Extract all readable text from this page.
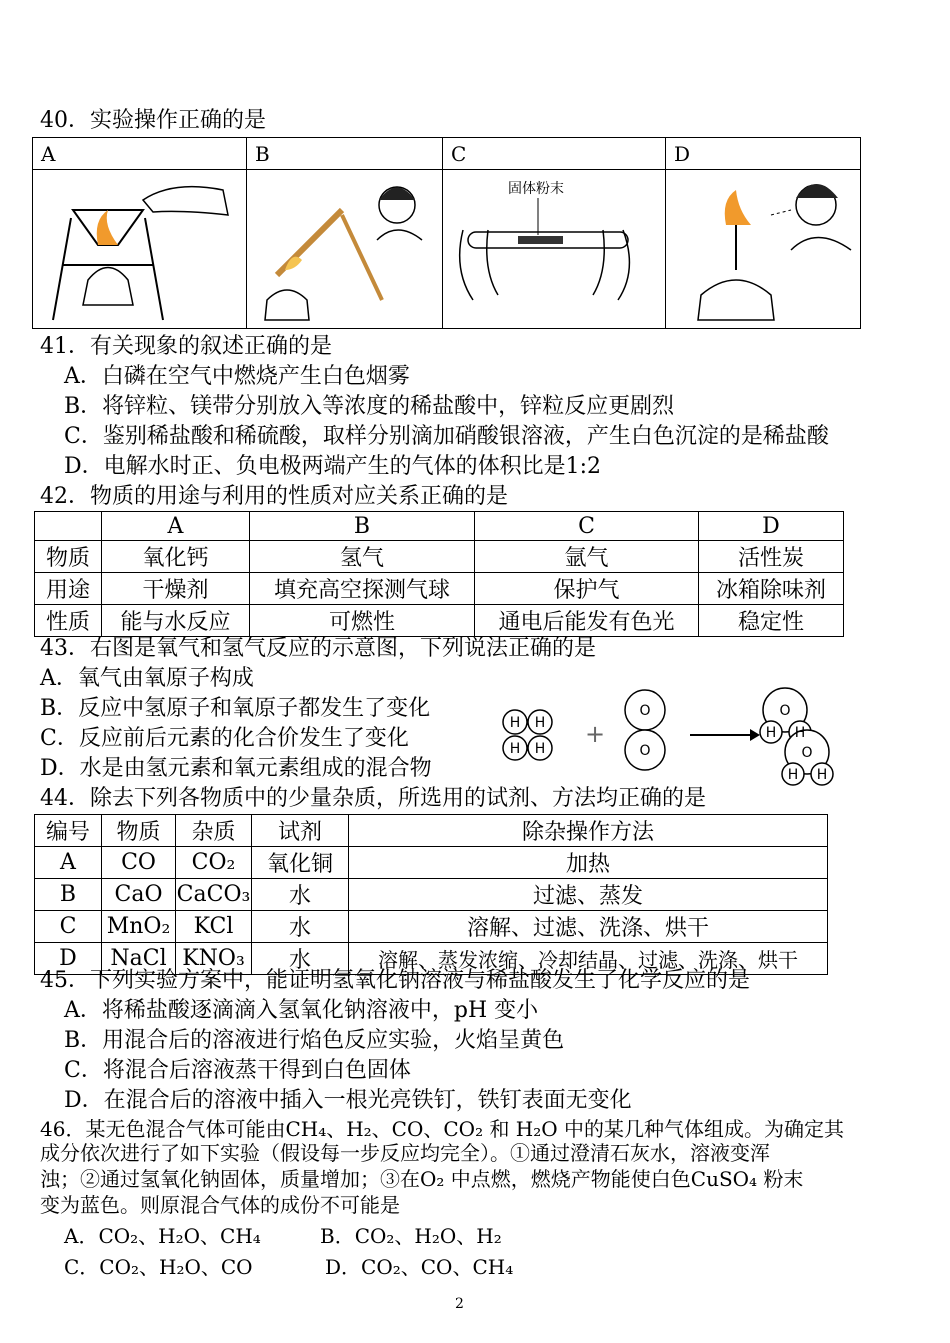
40．实验操作正确的是
A	B	C	D

固体粉末

41．有关现象的叙述正确的是
A．白磷在空气中燃烧产生白色烟雾
B．将锌粒、镁带分别放入等浓度的稀盐酸中，锌粒反应更剧烈
C．鉴别稀盐酸和稀硫酸，取样分别滴加硝酸银溶液，产生白色沉淀的是稀盐酸
D．电解水时正、负电极两端产生的气体的体积比是1:2
42．物质的用途与利用的性质对应关系正确的是
	A	B	C	D
物质	氧化钙	氢气	氩气	活性炭
用途	干燥剂	填充高空探测气球	保护气	冰箱除味剂
性质	能与水反应	可燃性	通电后能发有色光	稳定性
43．右图是氧气和氢气反应的示意图，下列说法正确的是
A．氧气由氧原子构成
B．反应中氢原子和氧原子都发生了变化
C．反应前后元素的化合价发生了变化
D．水是由氢元素和氧元素组成的混合物
H H
H H
O
O
O
H H
O
H H
+
44．除去下列各物质中的少量杂质，所选用的试剂、方法均正确的是
编号	物质	杂质	试剂	除杂操作方法
A	CO	CO₂	氧化铜	加热
B	CaO	CaCO₃	水	过滤、蒸发
C	MnO₂	KCl	水	溶解、过滤、洗涤、烘干
D	NaCl	KNO₃	水	溶解、蒸发浓缩、冷却结晶、过滤、洗涤、烘干
45．下列实验方案中，能证明氢氧化钠溶液与稀盐酸发生了化学反应的是
A．将稀盐酸逐滴滴入氢氧化钠溶液中，pH 变小
B．用混合后的溶液进行焰色反应实验，火焰呈黄色
C．将混合后溶液蒸干得到白色固体
D．在混合后的溶液中插入一根光亮铁钉，铁钉表面无变化
46．某无色混合气体可能由CH₄、H₂、CO、CO₂ 和 H₂O 中的某几种气体组成。为确定其
成分依次进行了如下实验（假设每一步反应均完全）。①通过澄清石灰水，溶液变浑
浊；②通过氢氧化钠固体，质量增加；③在O₂ 中点燃，燃烧产物能使白色CuSO₄ 粉末
变为蓝色。则原混合气体的成份不可能是
A．CO₂、H₂O、CH₄	B．CO₂、H₂O、H₂
C．CO₂、H₂O、CO	D．CO₂、CO、CH₄
2
